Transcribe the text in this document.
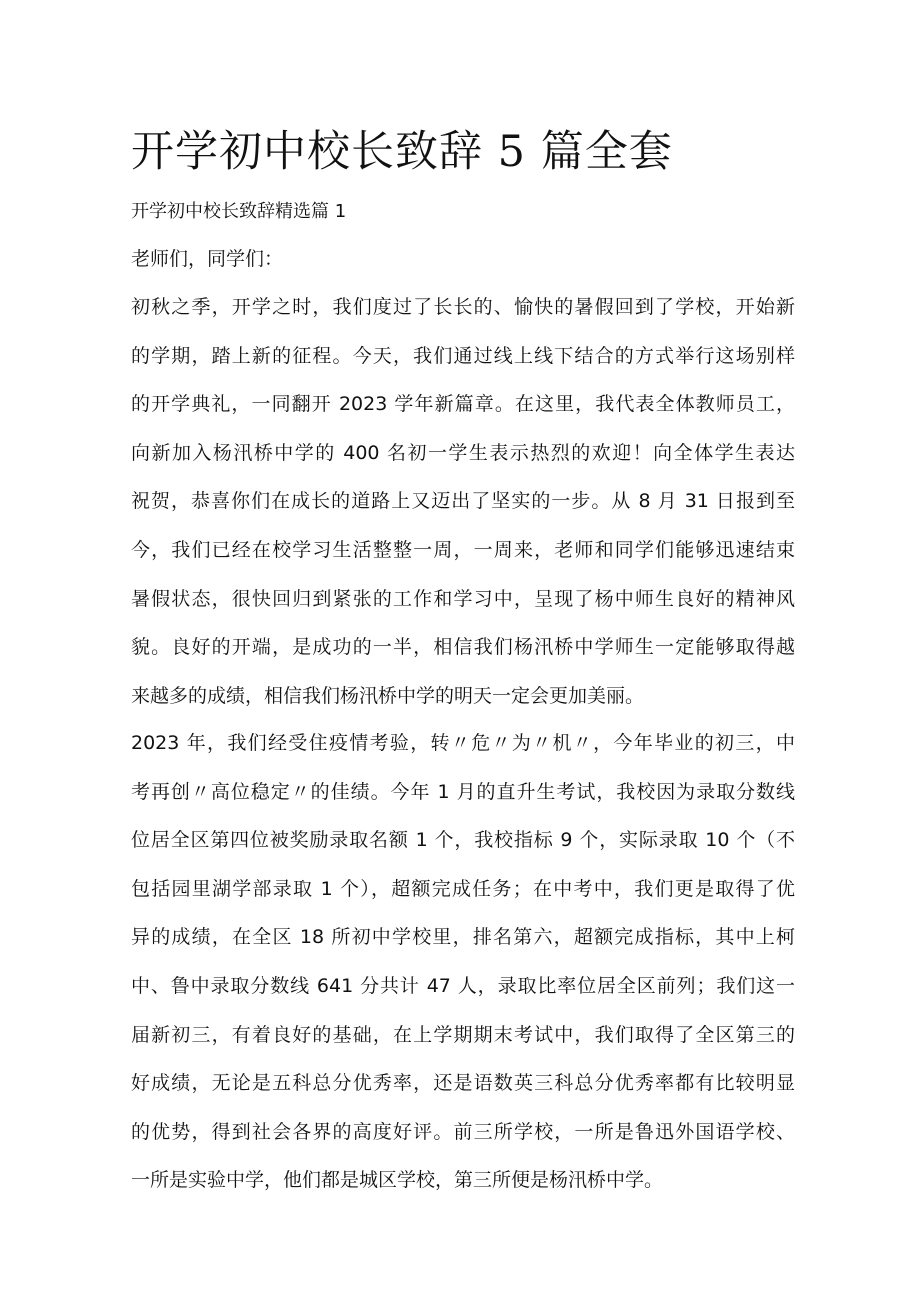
开学初中校长致辞 5 篇全套

开学初中校长致辞精选篇 1

老师们，同学们：

初秋之季，开学之时，我们度过了长长的、愉快的暑假回到了学校，开始新
的学期，踏上新的征程。今天，我们通过线上线下结合的方式举行这场别样
的开学典礼，一同翻开 2023 学年新篇章。在这里，我代表全体教师员工，
向新加入杨汛桥中学的 400 名初一学生表示热烈的欢迎！向全体学生表达
祝贺，恭喜你们在成长的道路上又迈出了坚实的一步。从 8 月 31 日报到至
今，我们已经在校学习生活整整一周，一周来，老师和同学们能够迅速结束
暑假状态，很快回归到紧张的工作和学习中，呈现了杨中师生良好的精神风
貌。良好的开端，是成功的一半，相信我们杨汛桥中学师生一定能够取得越
来越多的成绩，相信我们杨汛桥中学的明天一定会更加美丽。

2023 年，我们经受住疫情考验，转〃危〃为〃机〃，今年毕业的初三，中
考再创〃高位稳定〃的佳绩。今年 1 月的直升生考试，我校因为录取分数线
位居全区第四位被奖励录取名额 1 个，我校指标 9 个，实际录取 10 个（不
包括园里湖学部录取 1 个），超额完成任务；在中考中，我们更是取得了优
异的成绩，在全区 18 所初中学校里，排名第六，超额完成指标，其中上柯
中、鲁中录取分数线 641 分共计 47 人，录取比率位居全区前列；我们这一
届新初三，有着良好的基础，在上学期期末考试中，我们取得了全区第三的
好成绩，无论是五科总分优秀率，还是语数英三科总分优秀率都有比较明显
的优势，得到社会各界的高度好评。前三所学校，一所是鲁迅外国语学校、
一所是实验中学，他们都是城区学校，第三所便是杨汛桥中学。
